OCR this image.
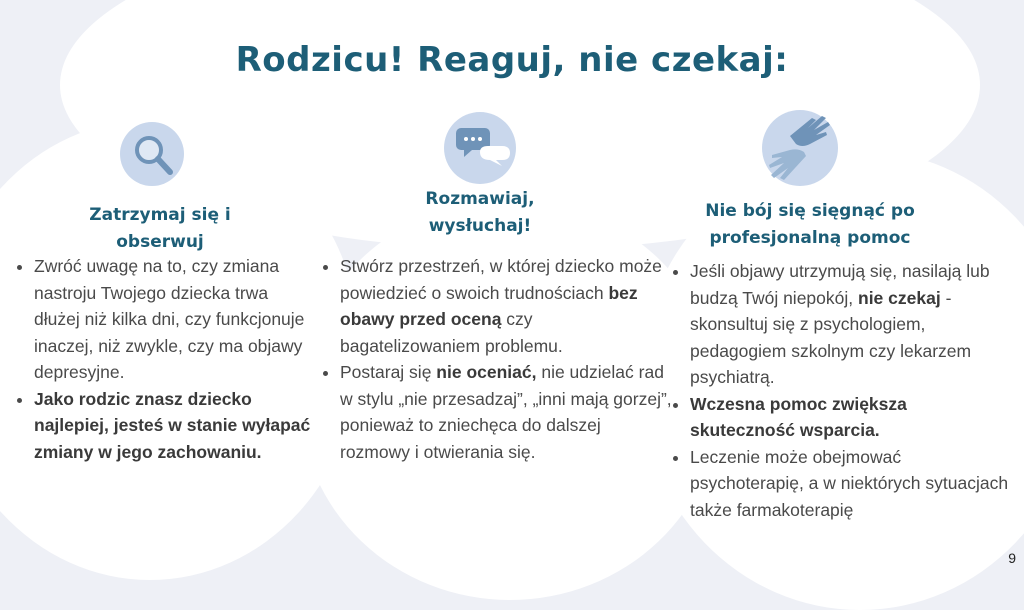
Rodzicu! Reaguj, nie czekaj:
Zatrzymaj się i
obserwuj
Rozmawiaj,
wysłuchaj!
Nie bój się sięgnąć po
profesjonalną pomoc
• Zwróć uwagę na to, czy zmiana nastroju Twojego dziecka trwa dłużej niż kilka dni, czy funkcjonuje inaczej, niż zwykle, czy ma objawy depresyjne.
• Jako rodzic znasz dziecko najlepiej, jesteś w stanie wyłapać zmiany w jego zachowaniu.
• Stwórz przestrzeń, w której dziecko może powiedzieć o swoich trudnościach bez obawy przed oceną czy bagatelizowaniem problemu.
• Postaraj się nie oceniać, nie udzielać rad w stylu „nie przesadzaj”, „inni mają gorzej”, ponieważ to zniechęca do dalszej rozmowy i otwierania się.
• Jeśli objawy utrzymują się, nasilają lub budzą Twój niepokój, nie czekaj - skonsultuj się z psychologiem, pedagogiem szkolnym czy lekarzem psychiatrą.
• Wczesna pomoc zwiększa skuteczność wsparcia.
• Leczenie może obejmować psychoterapię, a w niektórych sytuacjach także farmakoterapię
9
